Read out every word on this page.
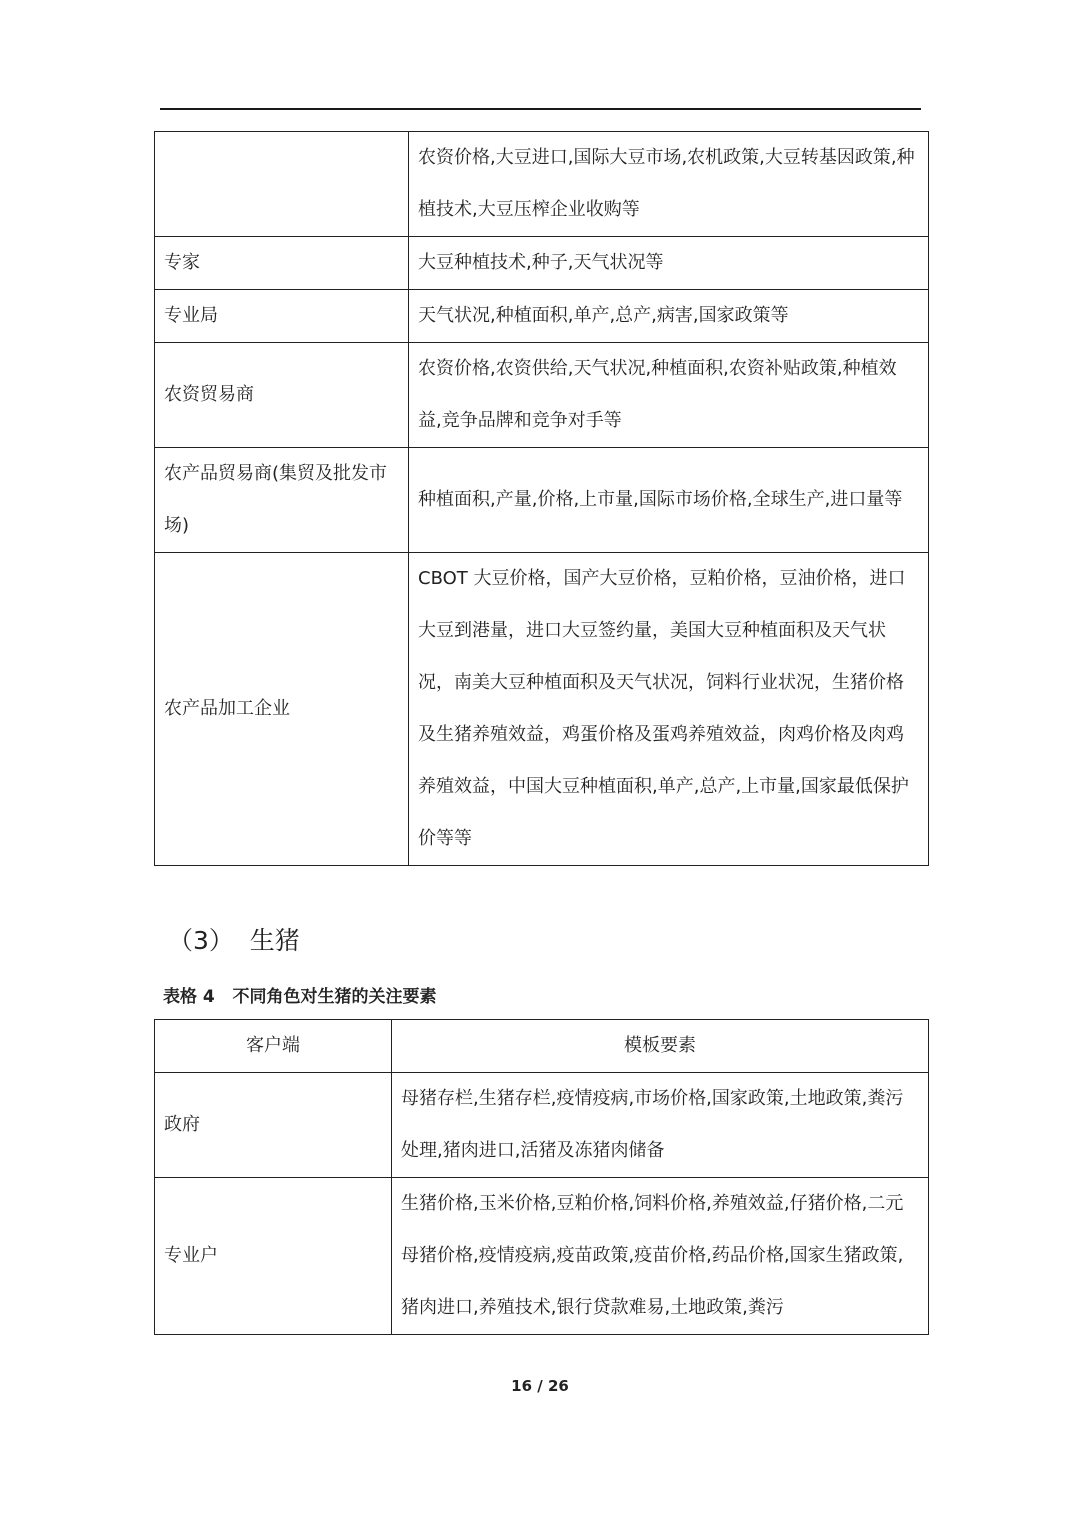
	农资价格,大豆进口,国际大豆市场,农机政策,大豆转基因政策,种植技术,大豆压榨企业收购等
专家	大豆种植技术,种子,天气状况等
专业局	天气状况,种植面积,单产,总产,病害,国家政策等
农资贸易商	农资价格,农资供给,天气状况,种植面积,农资补贴政策,种植效益,竞争品牌和竞争对手等
农产品贸易商(集贸及批发市场)	种植面积,产量,价格,上市量,国际市场价格,全球生产,进口量等
农产品加工企业	CBOT 大豆价格，国产大豆价格，豆粕价格，豆油价格，进口大豆到港量，进口大豆签约量，美国大豆种植面积及天气状况，南美大豆种植面积及天气状况，饲料行业状况，生猪价格及生猪养殖效益，鸡蛋价格及蛋鸡养殖效益，肉鸡价格及肉鸡养殖效益，中国大豆种植面积,单产,总产,上市量,国家最低保护价等等
（3）  生猪
表格 4   不同角色对生猪的关注要素
客户端	模板要素
政府	母猪存栏,生猪存栏,疫情疫病,市场价格,国家政策,土地政策,粪污处理,猪肉进口,活猪及冻猪肉储备
专业户	生猪价格,玉米价格,豆粕价格,饲料价格,养殖效益,仔猪价格,二元母猪价格,疫情疫病,疫苗政策,疫苗价格,药品价格,国家生猪政策,猪肉进口,养殖技术,银行贷款难易,土地政策,粪污
16 / 26
